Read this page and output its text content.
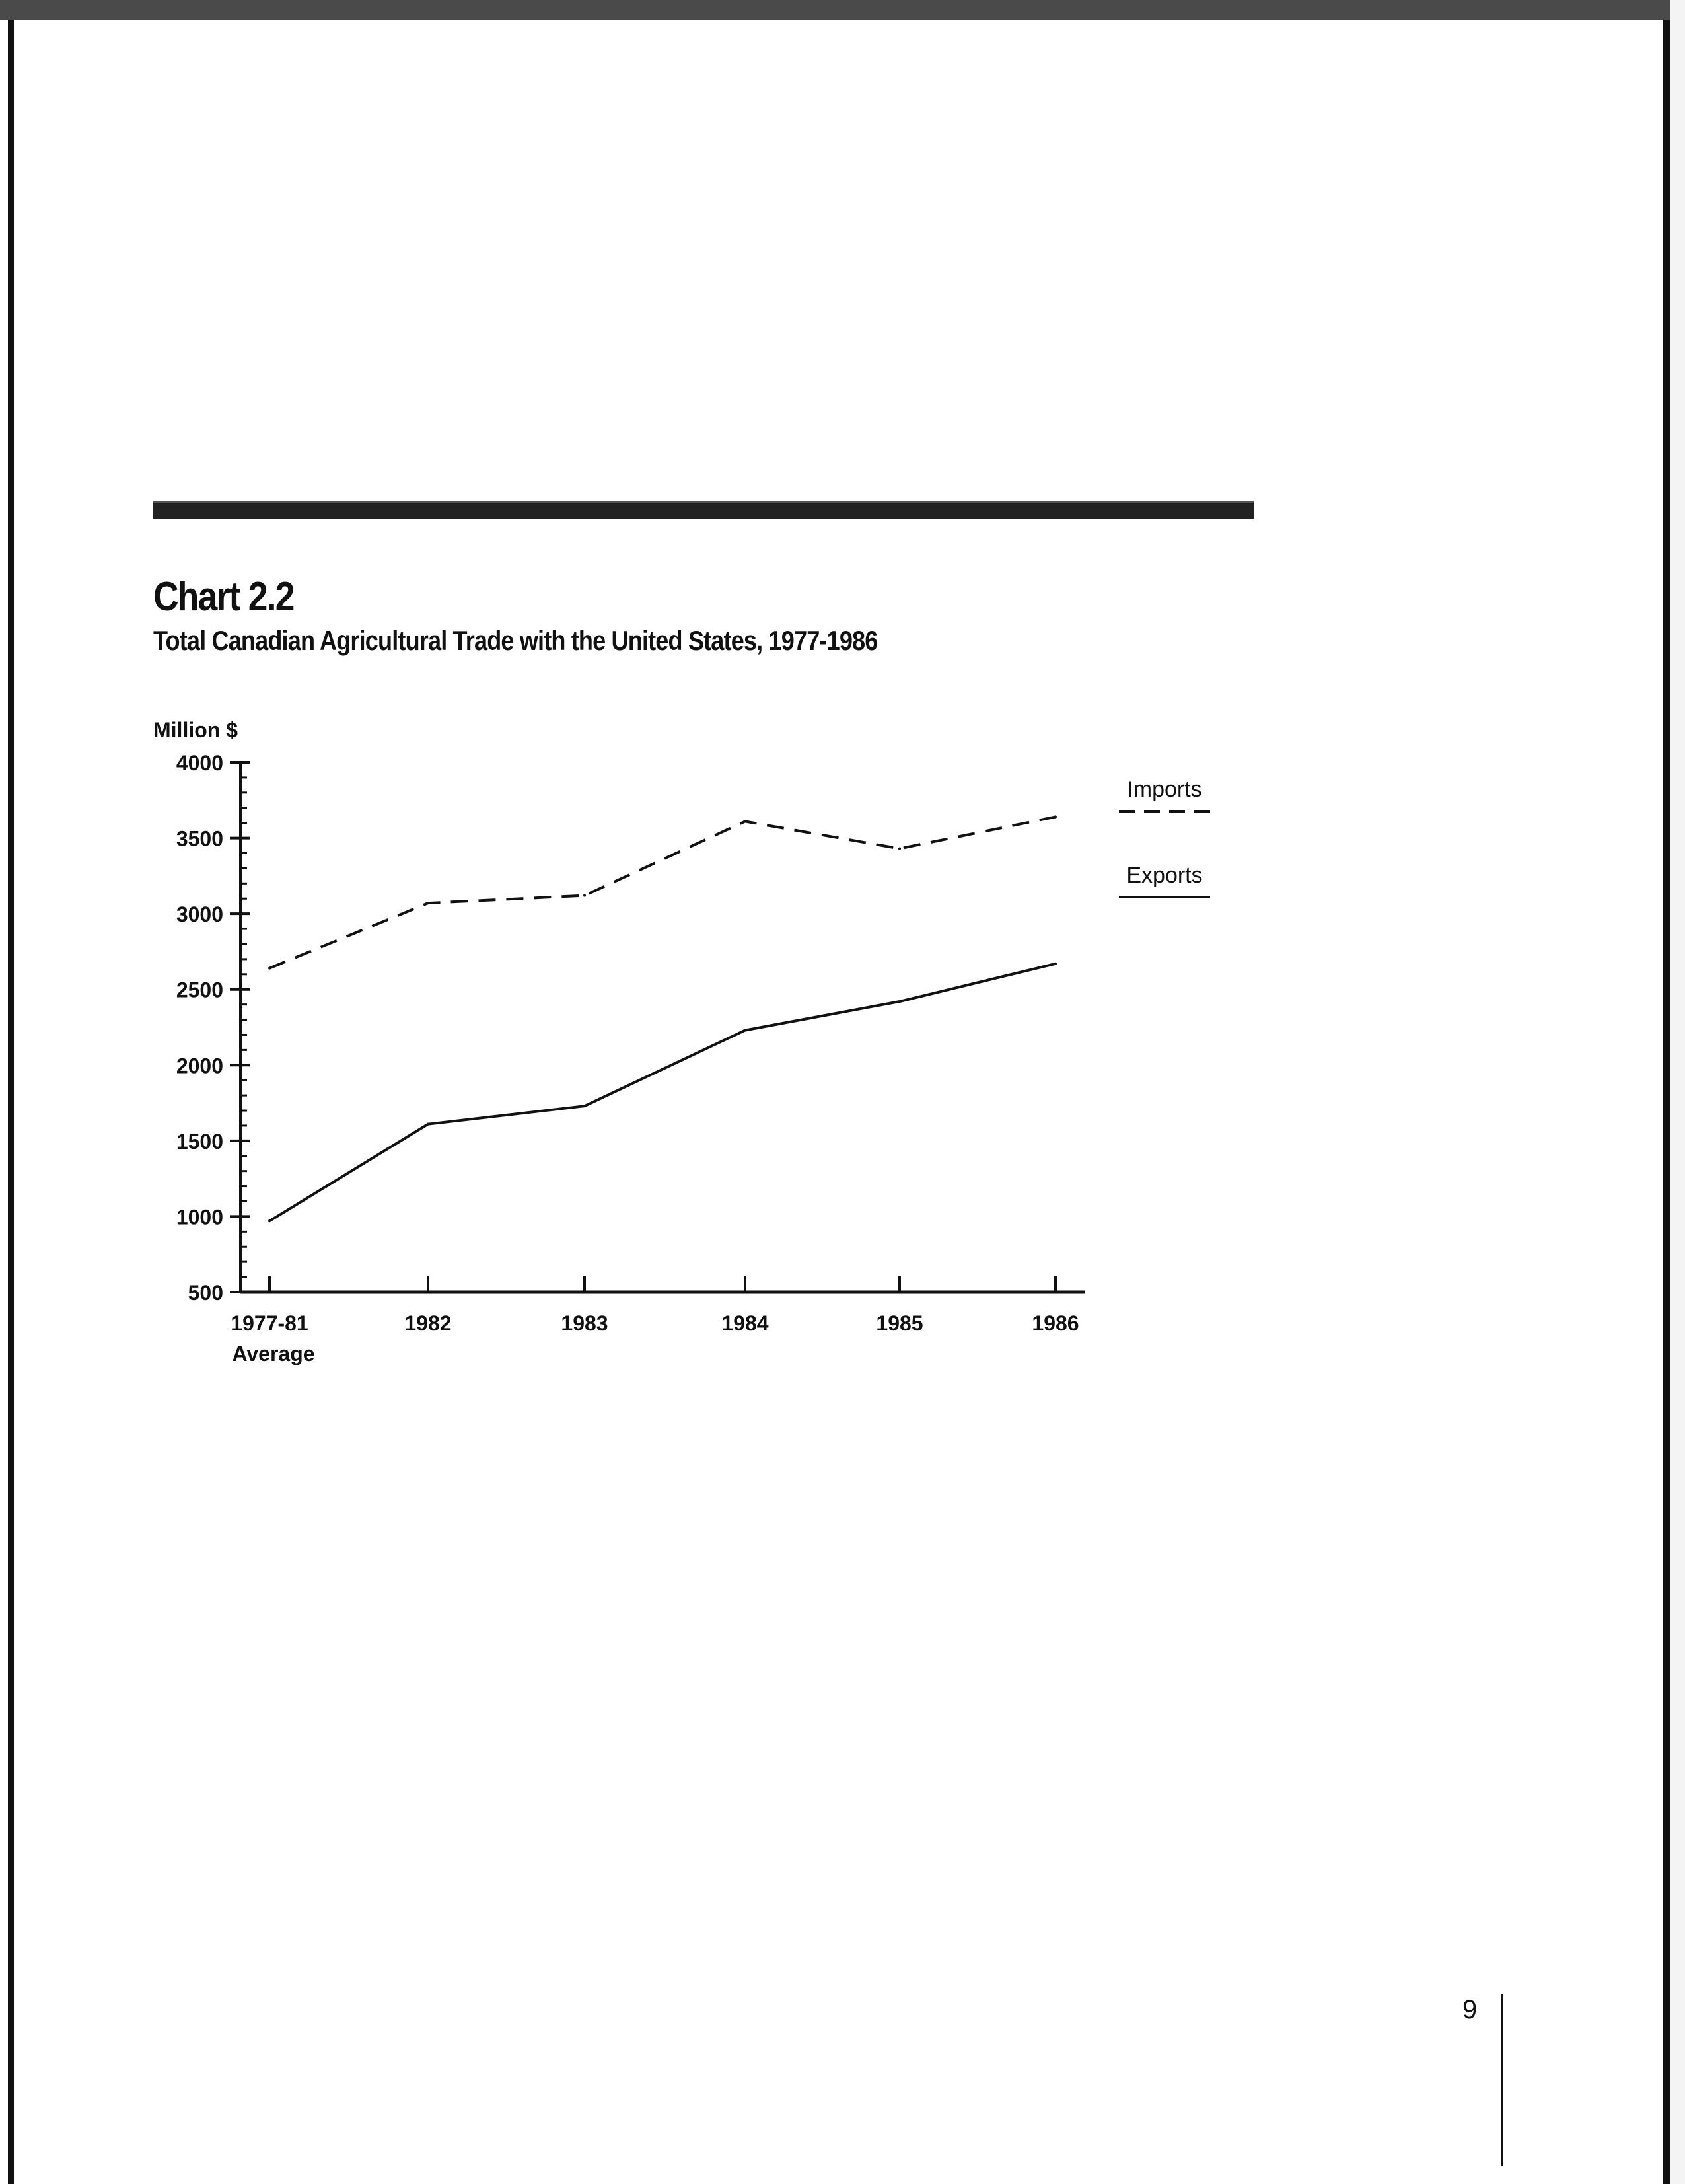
Chart 2.2
Total Canadian Agricultural Trade with the United States, 1977-1986
Million $
500
1000
1500
2000
2500
3000
3500
4000
1977-81
Average
1982	1983	1984	1985	1986
Imports
Exports
9
